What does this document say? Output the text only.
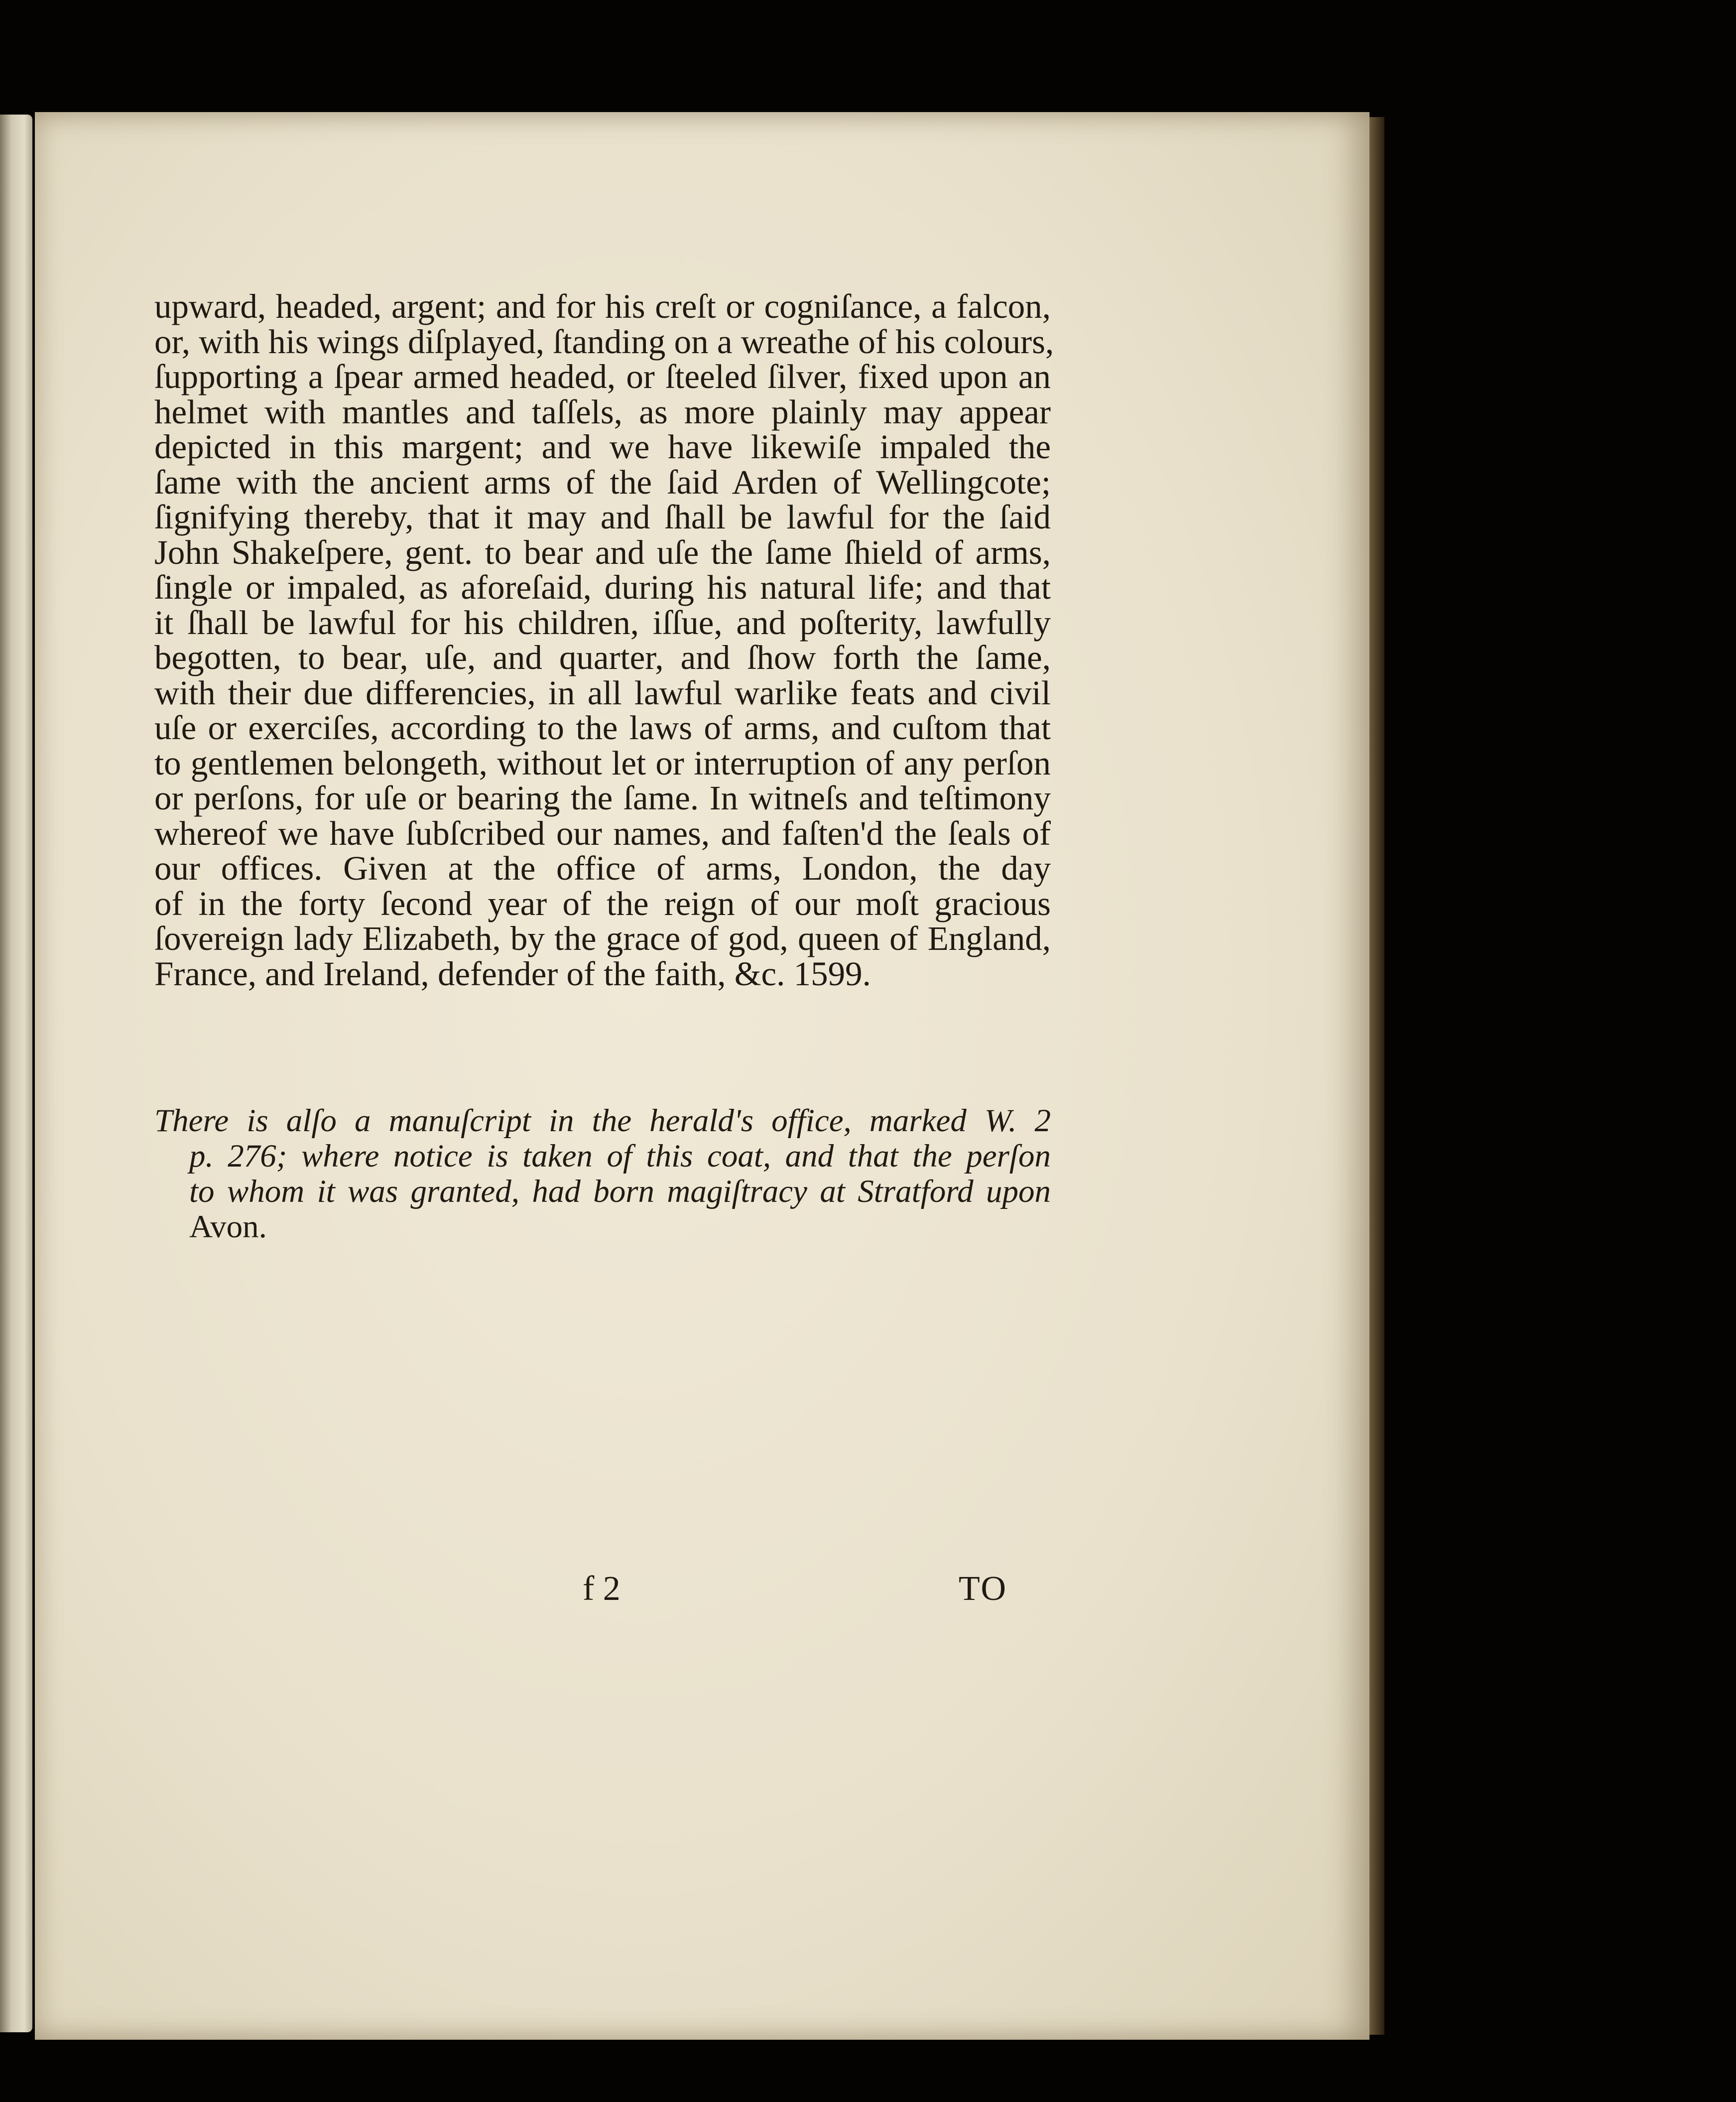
upward, headed, argent; and for his creſt or cogniſance, a falcon,
or, with his wings diſplayed, ſtanding on a wreathe of his colours,
ſupporting a ſpear armed headed, or ſteeled ſilver, fixed upon an
helmet with mantles and taſſels, as more plainly may appear
depicted in this margent; and we have likewiſe impaled the
ſame with the ancient arms of the ſaid Arden of Wellingcote;
ſignifying thereby, that it may and ſhall be lawful for the ſaid
John Shakeſpere, gent. to bear and uſe the ſame ſhield of arms,
ſingle or impaled, as aforeſaid, during his natural life; and that
it ſhall be lawful for his children, iſſue, and poſterity, lawfully
begotten, to bear, uſe, and quarter, and ſhow forth the ſame,
with their due differencies, in all lawful warlike feats and civil
uſe or exerciſes, according to the laws of arms, and cuſtom that
to gentlemen belongeth, without let or interruption of any perſon
or perſons, for uſe or bearing the ſame. In witneſs and teſtimony
whereof we have ſubſcribed our names, and faſten'd the ſeals of
our offices. Given at the office of arms, London, the day
of in the forty ſecond year of the reign of our moſt gracious
ſovereign lady Elizabeth, by the grace of god, queen of England,
France, and Ireland, defender of the faith, &c. 1599.
There is alſo a manuſcript in the herald's office, marked W. 2
p. 276; where notice is taken of this coat, and that the perſon
to whom it was granted, had born magiſtracy at Stratford upon
Avon.
f 2	TO
